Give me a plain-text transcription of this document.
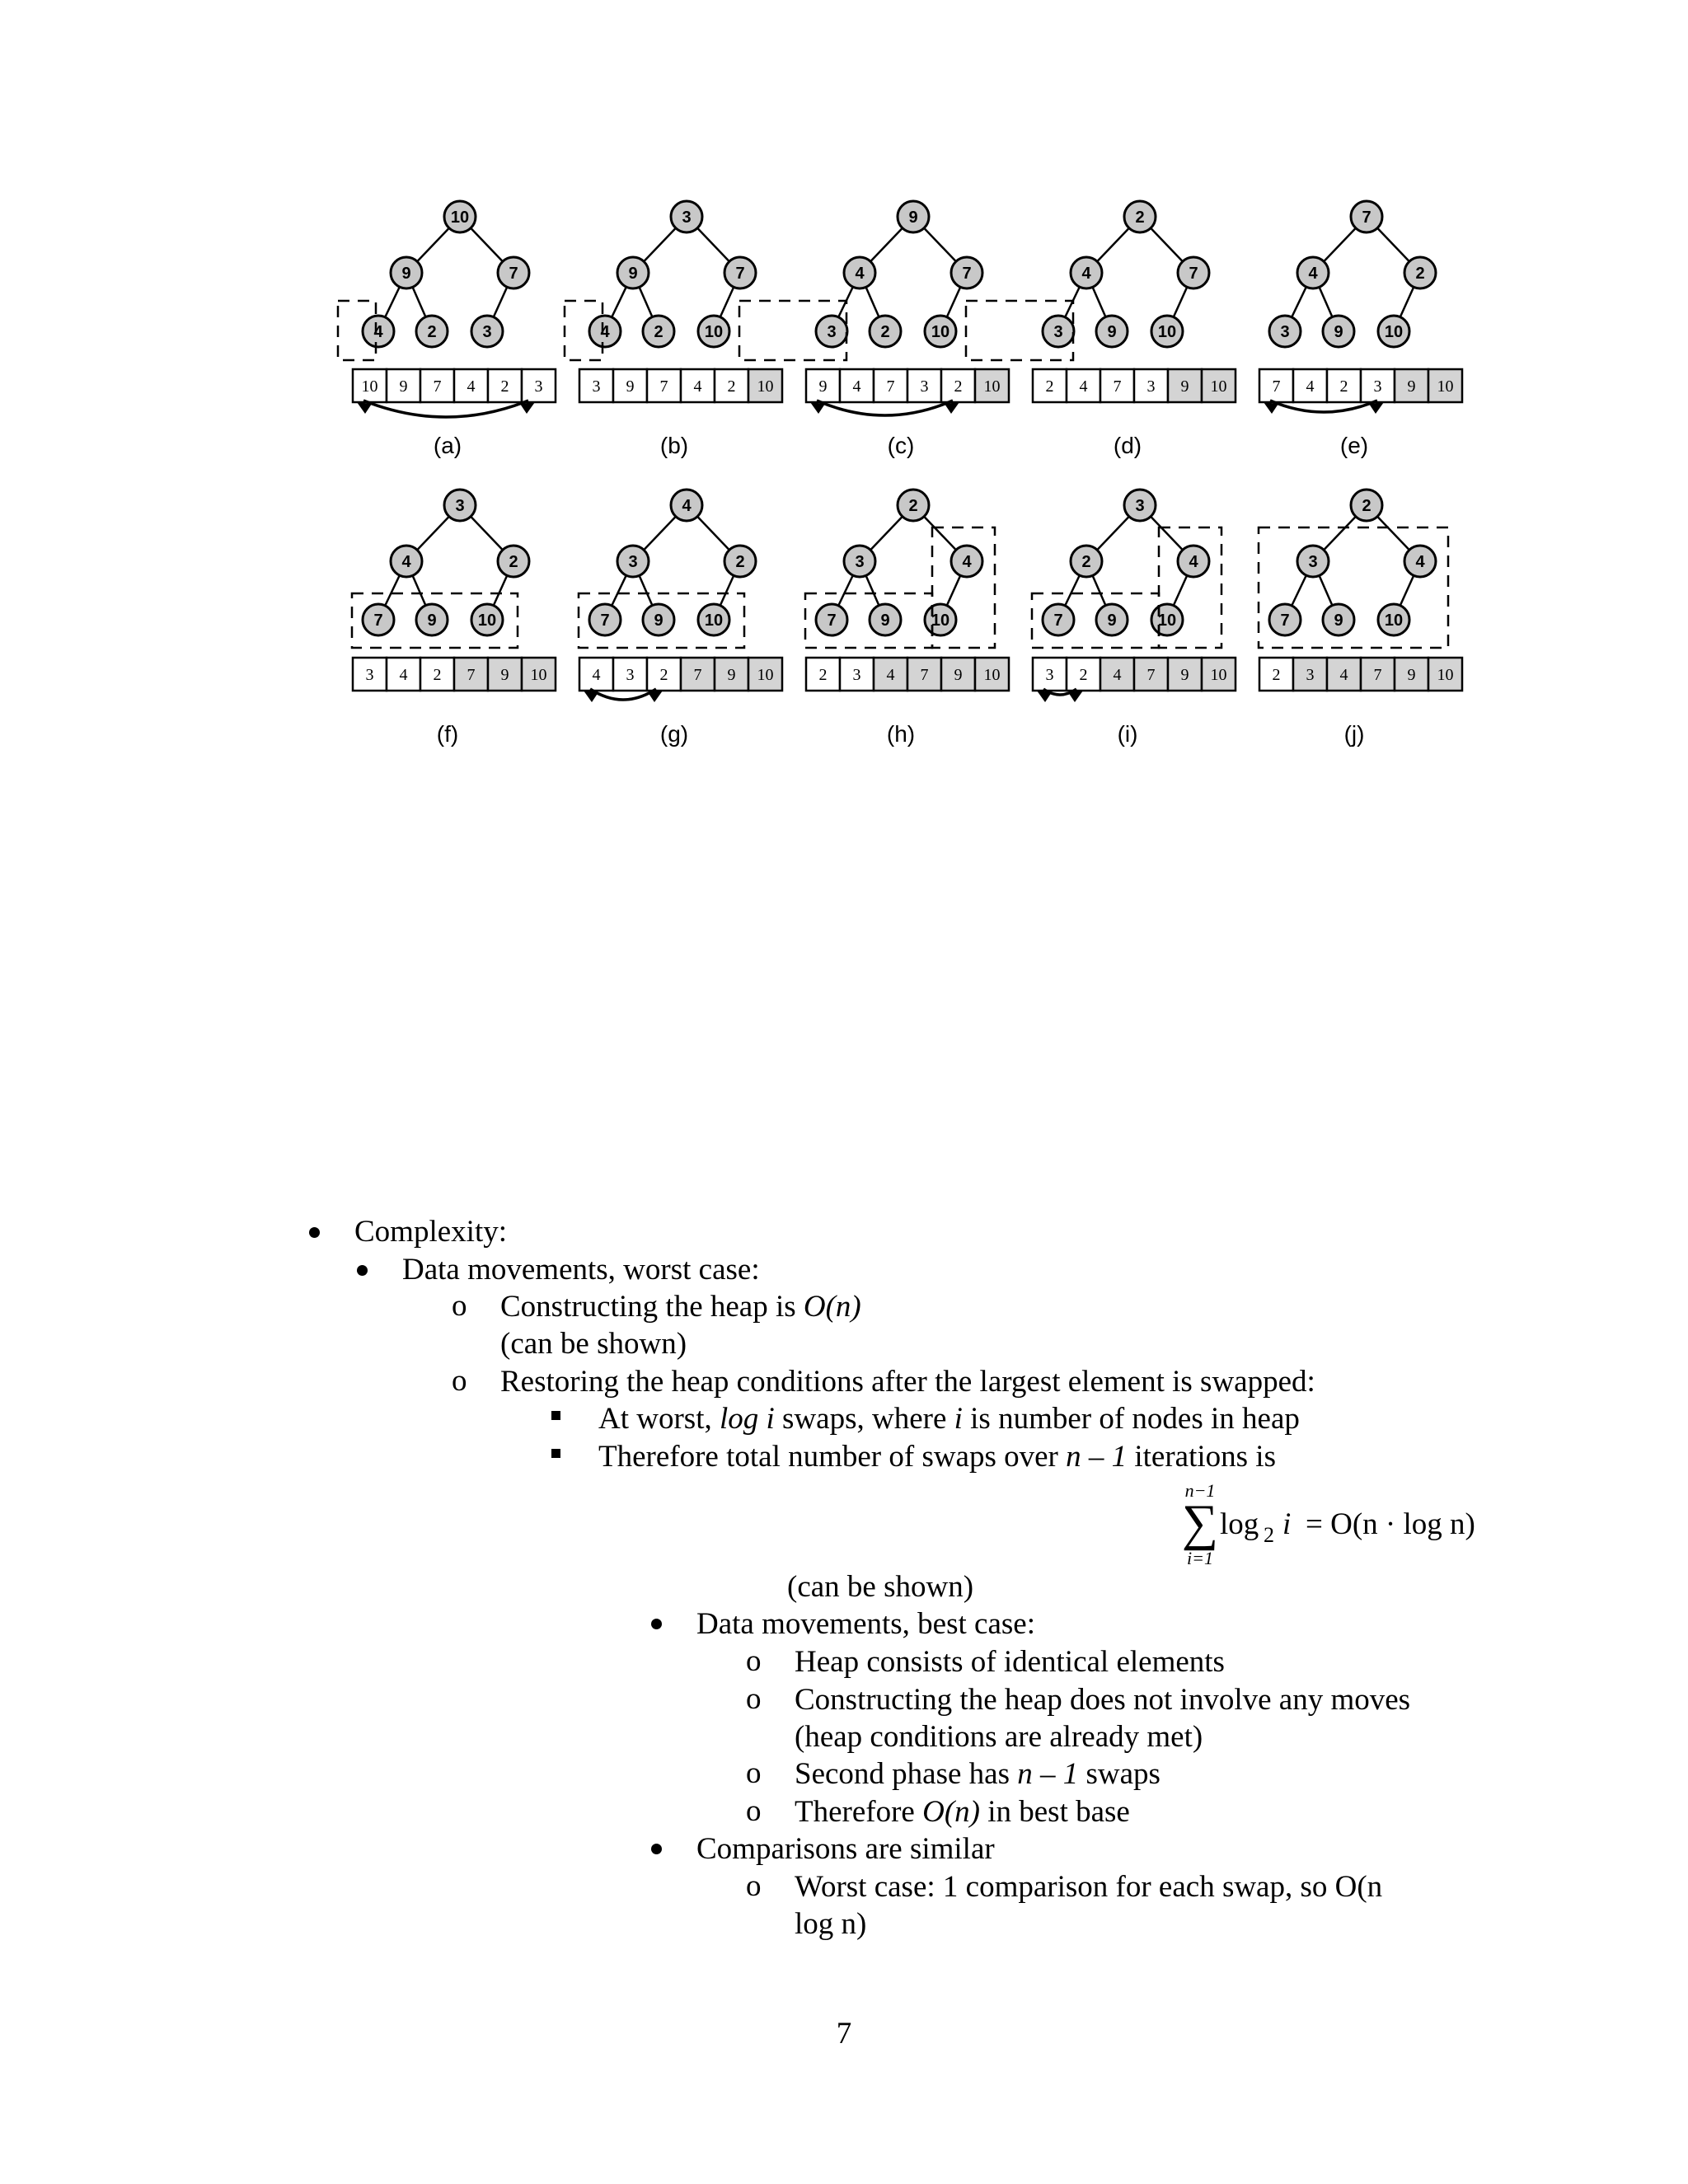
10
9	7
4	2	3
10 9 7 4 2 3
(a)
3
9	7
4	2	10
3 9 7 4 2 10
(b)
9
4	7
3	2	10
9 4 7 3 2 10
(c)
2
4	7
3	9	10
2 4 7 3 9 10
(d)
7
4	2
3	9	10
7 4 2 3 9 10
(e)
3
4	2
7	9	10
3 4 2 7 9 10
(f)
4
3	2
7	9	10
4 3 2 7 9 10
(g)
2
3	4
7	9	10
2 3 4 7 9 10
(h)
3
2	4
7	9	10
3 2 4 7 9 10
(i)
2
3	4
7	9	10
2 3 4 7 9 10
(j)
Complexity:
Data movements, worst case:
o Constructing the heap is O(n)
(can be shown)
o Restoring the heap conditions after the largest element is swapped:
At worst, log i swaps, where i is number of nodes in heap
Therefore total number of swaps over n – 1 iterations is
n−1
∑
i=1
log 2 i = O(n · log n)
(can be shown)
Data movements, best case:
o Heap consists of identical elements
o Constructing the heap does not involve any moves
(heap conditions are already met)
o Second phase has n – 1 swaps
o Therefore O(n) in best base
Comparisons are similar
o Worst case: 1 comparison for each swap, so O(n
log n)
7
